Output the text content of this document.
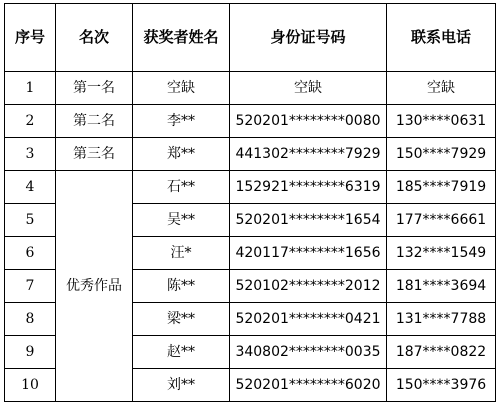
序号	名次	获奖者姓名	身份证号码	联系电话
1	第一名	空缺	空缺	空缺
2	第二名	李**	520201********0080	130****0631
3	第三名	郑**	441302********7929	150****7929
4	优秀作品	石**	152921********6319	185****7919
5		吴**	520201********1654	177****6661
6		汪*	420117********1656	132****1549
7		陈**	520102********2012	181****3694
8		梁**	520201********0421	131****7788
9		赵**	340802********0035	187****0822
10		刘**	520201********6020	150****3976
